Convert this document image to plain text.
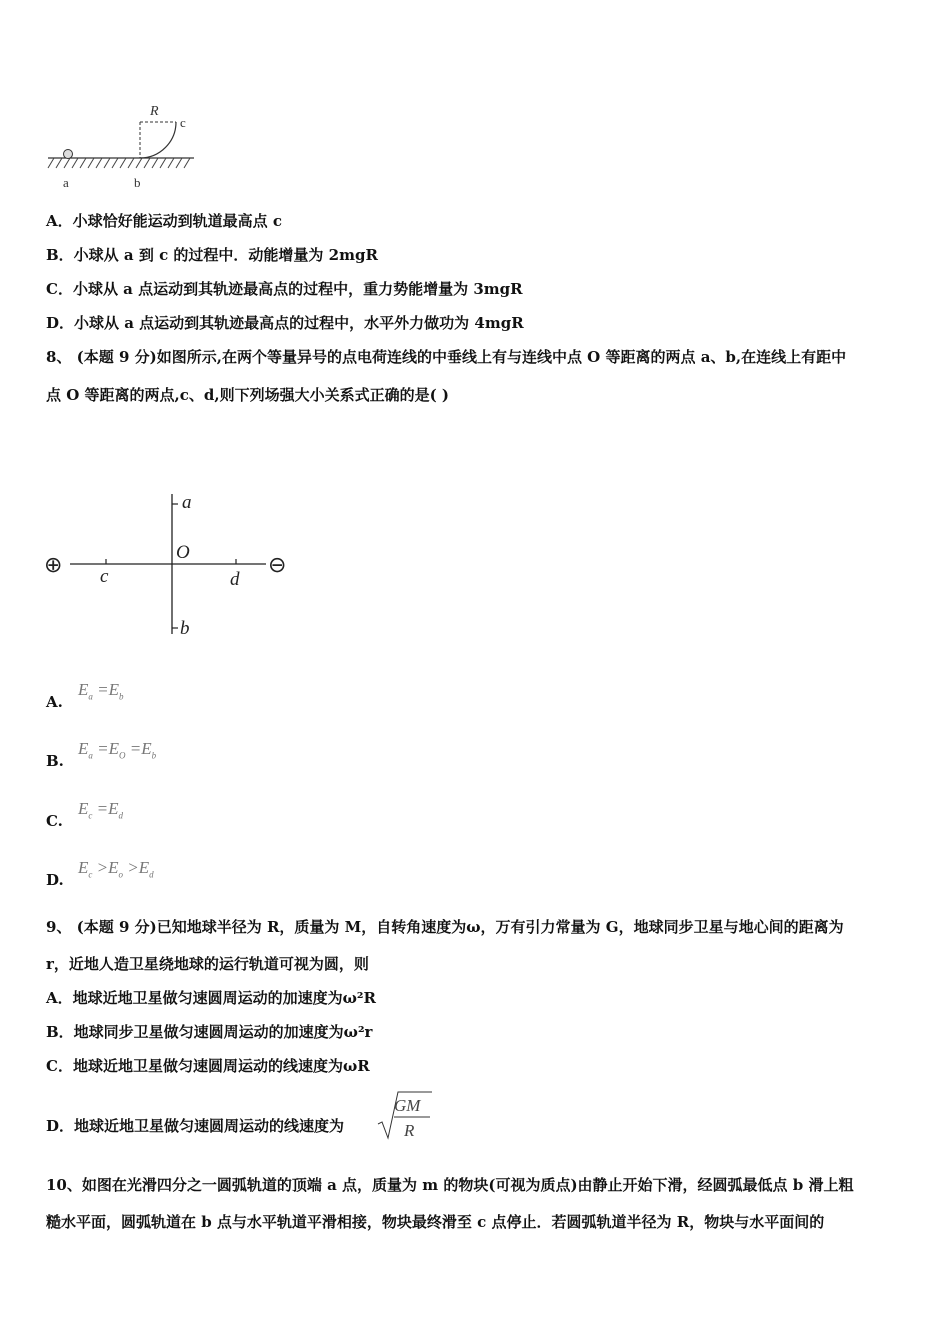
R
c
a	b
A．小球恰好能运动到轨道最高点 c
B．小球从 a 到 c 的过程中．动能增量为 2mgR
C．小球从 a 点运动到其轨迹最高点的过程中，重力势能增量为 3mgR
D．小球从 a 点运动到其轨迹最高点的过程中，水平外力做功为 4mgR
8、 (本题 9 分)如图所示,在两个等量异号的点电荷连线的中垂线上有与连线中点 O 等距离的两点 a、b,在连线上有距中
点 O 等距离的两点,c、d,则下列场强大小关系式正确的是( )
⊕	⊖
a
O
c	d
b
A.
$E_a =E_b$
B.
$E_a =E_O =E_b$
C.
$E_c =E_d$
D.
$E_c >E_o >E_d$
9、 (本题 9 分)已知地球半径为 R，质量为 M，自转角速度为ω，万有引力常量为 G，地球同步卫星与地心间的距离为
r，近地人造卫星绕地球的运行轨道可视为圆，则
A．地球近地卫星做匀速圆周运动的加速度为ω²R
B．地球同步卫星做匀速圆周运动的加速度为ω²r
C．地球近地卫星做匀速圆周运动的线速度为ωR
D．地球近地卫星做匀速圆周运动的线速度为
GM
R
10、如图在光滑四分之一圆弧轨道的顶端 a 点，质量为 m 的物块(可视为质点)由静止开始下滑，经圆弧最低点 b 滑上粗
糙水平面，圆弧轨道在 b 点与水平轨道平滑相接，物块最终滑至 c 点停止．若圆弧轨道半径为 R，物块与水平面间的
